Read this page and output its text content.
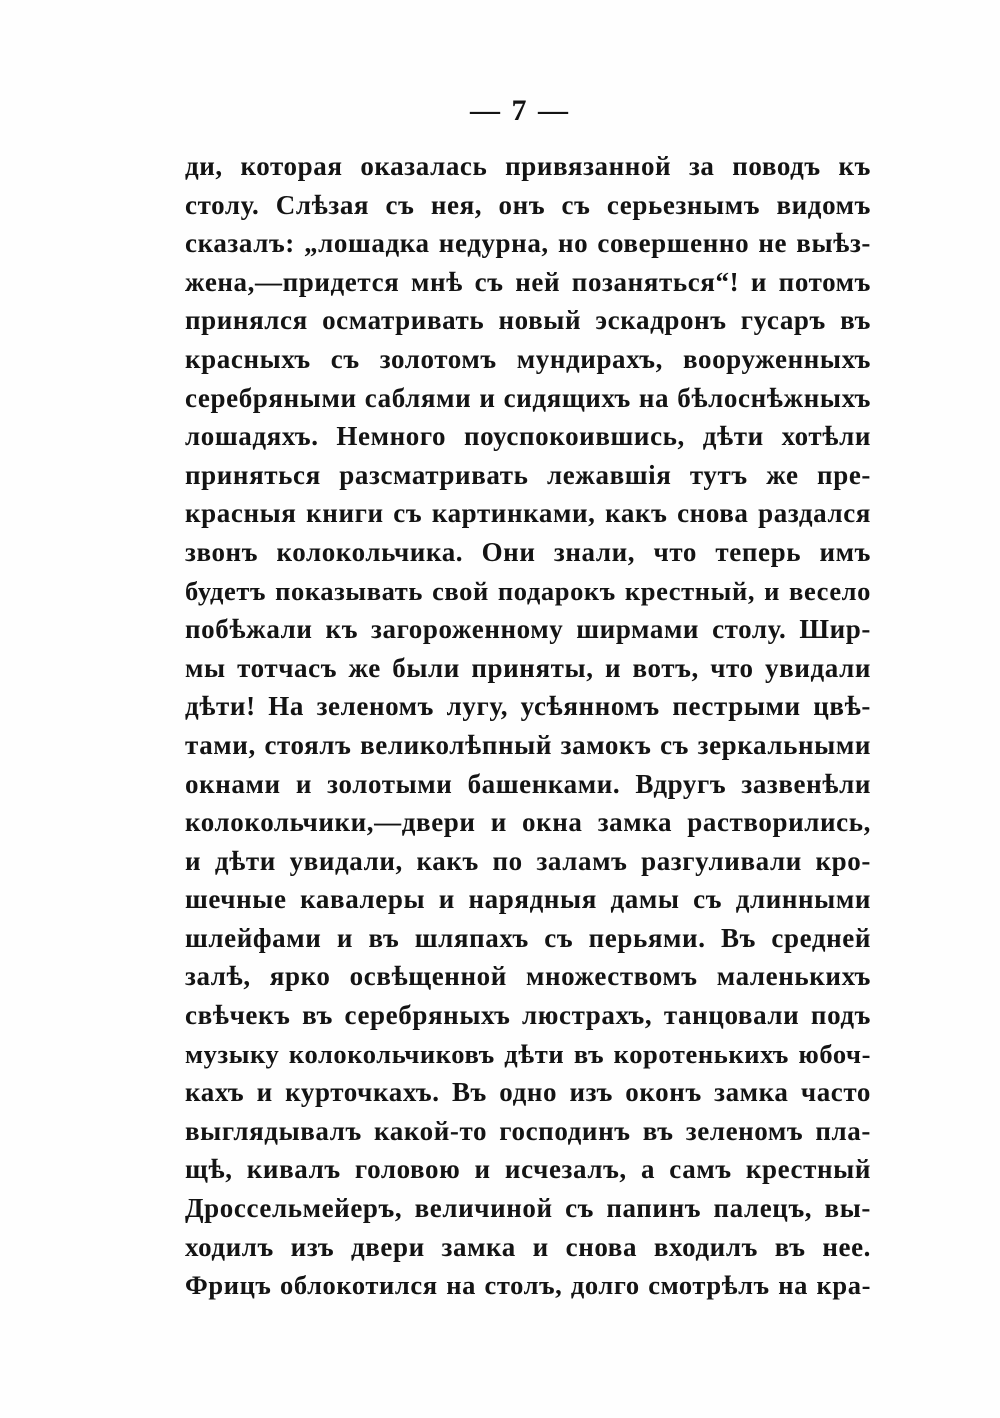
— 7 —
ди, которая оказалась привязанной за поводъ къ
столу. Слѣзая съ нея, онъ съ серьезнымъ видомъ
сказалъ: „лошадка недурна, но совершенно не выѣз-
жена,—придется мнѣ съ ней позаняться“! и потомъ
принялся осматривать новый эскадронъ гусаръ въ
красныхъ съ золотомъ мундирахъ, вооруженныхъ
серебряными саблями и сидящихъ на бѣлоснѣжныхъ
лошадяхъ. Немного поуспокоившись, дѣти хотѣли
приняться разсматривать лежавшія тутъ же пре-
красныя книги съ картинками, какъ снова раздался
звонъ колокольчика. Они знали, что теперь имъ
будетъ показывать свой подарокъ крестный, и весело
побѣжали къ загороженному ширмами столу. Шир-
мы тотчасъ же были приняты, и вотъ, что увидали
дѣти! На зеленомъ лугу, усѣянномъ пестрыми цвѣ-
тами, стоялъ великолѣпный замокъ съ зеркальными
окнами и золотыми башенками. Вдругъ зазвенѣли
колокольчики,—двери и окна замка растворились,
и дѣти увидали, какъ по заламъ разгуливали кро-
шечные кавалеры и нарядныя дамы съ длинными
шлейфами и въ шляпахъ съ перьями. Въ средней
залѣ, ярко освѣщенной множествомъ маленькихъ
свѣчекъ въ серебряныхъ люстрахъ, танцовали подъ
музыку колокольчиковъ дѣти въ коротенькихъ юбоч-
кахъ и курточкахъ. Въ одно изъ оконъ замка часто
выглядывалъ какой-то господинъ въ зеленомъ пла-
щѣ, кивалъ головою и исчезалъ, а самъ крестный
Дроссельмейеръ, величиной съ папинъ палецъ, вы-
ходилъ изъ двери замка и снова входилъ въ нее.
Фрицъ облокотился на столъ, долго смотрѣлъ на кра-
